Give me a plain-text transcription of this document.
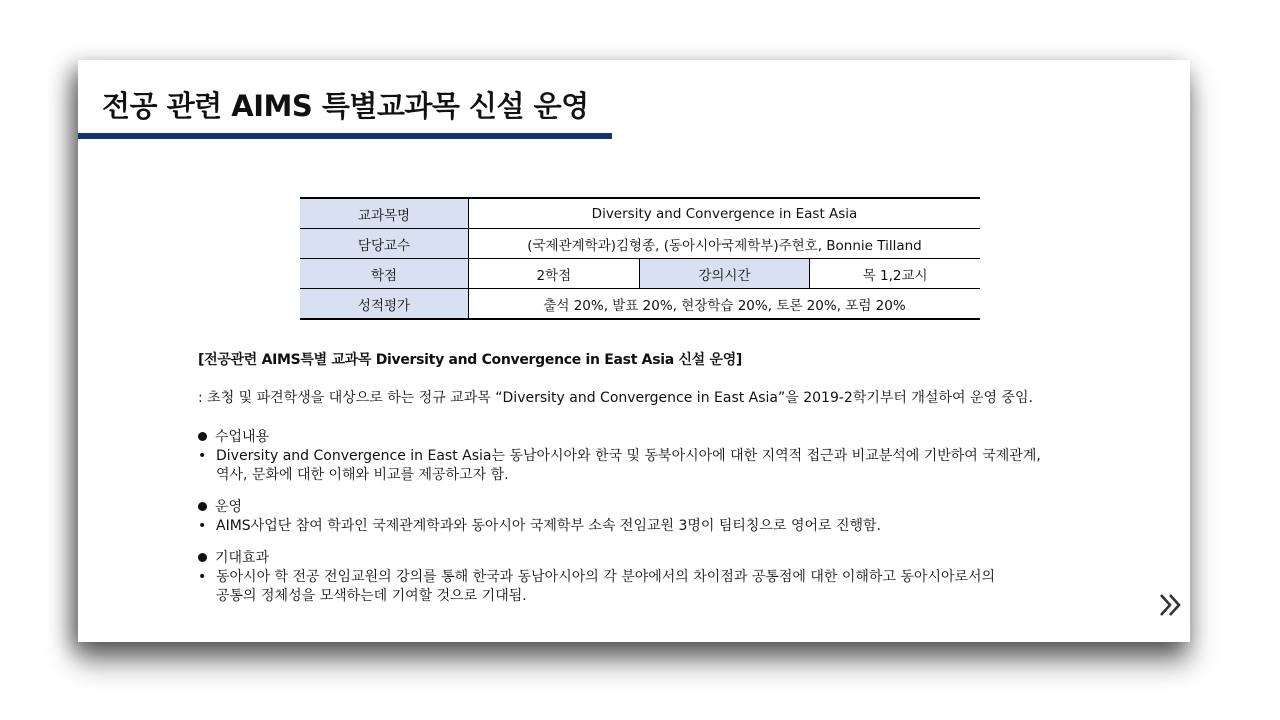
전공 관련 AIMS 특별교과목 신설 운영
교과목명	Diversity and Convergence in East Asia		
담당교수	(국제관계학과)김형종, (동아시아국제학부)주현호, Bonnie Tilland		
학점	2학점	강의시간	목 1,2교시
성적평가	출석 20%, 발표 20%, 현장학습 20%, 토론 20%, 포럼 20%		
[전공관련 AIMS특별 교과목 Diversity and Convergence in East Asia 신설 운영]
: 초청 및 파견학생을 대상으로 하는 정규 교과목 “Diversity and Convergence in East Asia”을 2019-2학기부터 개설하여 운영 중임.
수업내용
• Diversity and Convergence in East Asia는 동남아시아와 한국 및 동북아시아에 대한 지역적 접근과 비교분석에 기반하여 국제관계,
역사, 문화에 대한 이해와 비교를 제공하고자 함.
운영
• AIMS사업단 참여 학과인 국제관계학과와 동아시아 국제학부 소속 전임교원 3명이 팀티칭으로 영어로 진행함.
기대효과
• 동아시아 학 전공 전임교원의 강의를 통해 한국과 동남아시아의 각 분야에서의 차이점과 공통점에 대한 이해하고 동아시아로서의
공통의 정체성을 모색하는데 기여할 것으로 기대됨.
